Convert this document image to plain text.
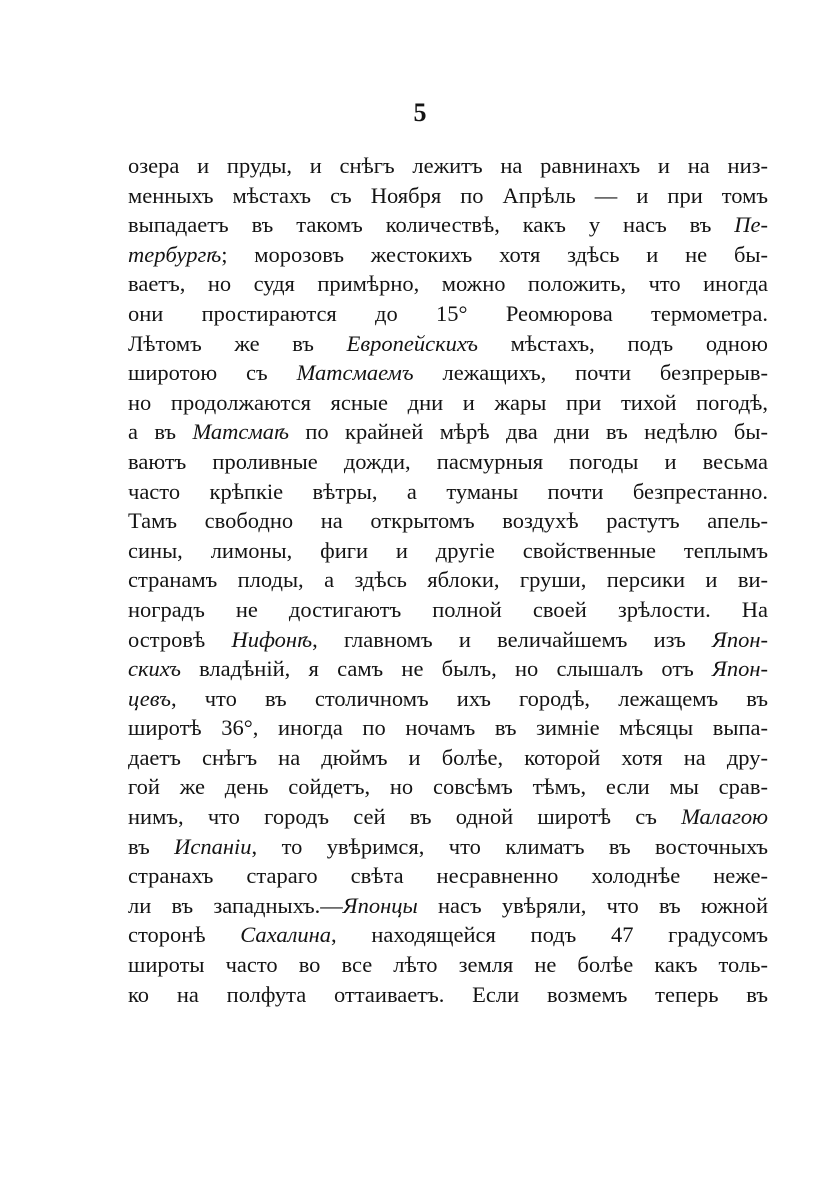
5
озера и пруды, и снѣгъ лежитъ на равнинахъ и на низ-
менныхъ мѣстахъ съ Ноября по Апрѣль — и при томъ
выпадаетъ въ такомъ количествѣ, какъ у насъ въ Пе-
тербургѣ; морозовъ жестокихъ хотя здѣсь и не бы-
ваетъ, но судя примѣрно, можно положить, что иногда
они простираются до 15° Реомюрова термометра.
Лѣтомъ же въ Европейскихъ мѣстахъ, подъ одною
широтою съ Матсмаемъ лежащихъ, почти безпрерыв-
но продолжаются ясные дни и жары при тихой погодѣ,
а въ Матсмаѣ по крайней мѣрѣ два дни въ недѣлю бы-
ваютъ проливные дожди, пасмурныя погоды и весьма
часто крѣпкіе вѣтры, а туманы почти безпрестанно.
Тамъ свободно на открытомъ воздухѣ растутъ апель-
сины, лимоны, фиги и другіе свойственные теплымъ
странамъ плоды, а здѣсь яблоки, груши, персики и ви-
ноградъ не достигаютъ полной своей зрѣлости. На
островѣ Нифонѣ, главномъ и величайшемъ изъ Япон-
скихъ владѣній, я самъ не былъ, но слышалъ отъ Япон-
цевъ, что въ столичномъ ихъ городѣ, лежащемъ въ
широтѣ 36°, иногда по ночамъ въ зимніе мѣсяцы выпа-
даетъ снѣгъ на дюймъ и болѣе, которой хотя на дру-
гой же день сойдетъ, но совсѣмъ тѣмъ, если мы срав-
нимъ, что городъ сей въ одной широтѣ съ Малагою
въ Испаніи, то увѣримся, что климатъ въ восточныхъ
странахъ стараго свѣта несравненно холоднѣе неже-
ли въ западныхъ.—Японцы насъ увѣряли, что въ южной
сторонѣ Сахалина, находящейся подъ 47 градусомъ
широты часто во все лѣто земля не болѣе какъ толь-
ко на полфута оттаиваетъ. Если возмемъ теперь въ
